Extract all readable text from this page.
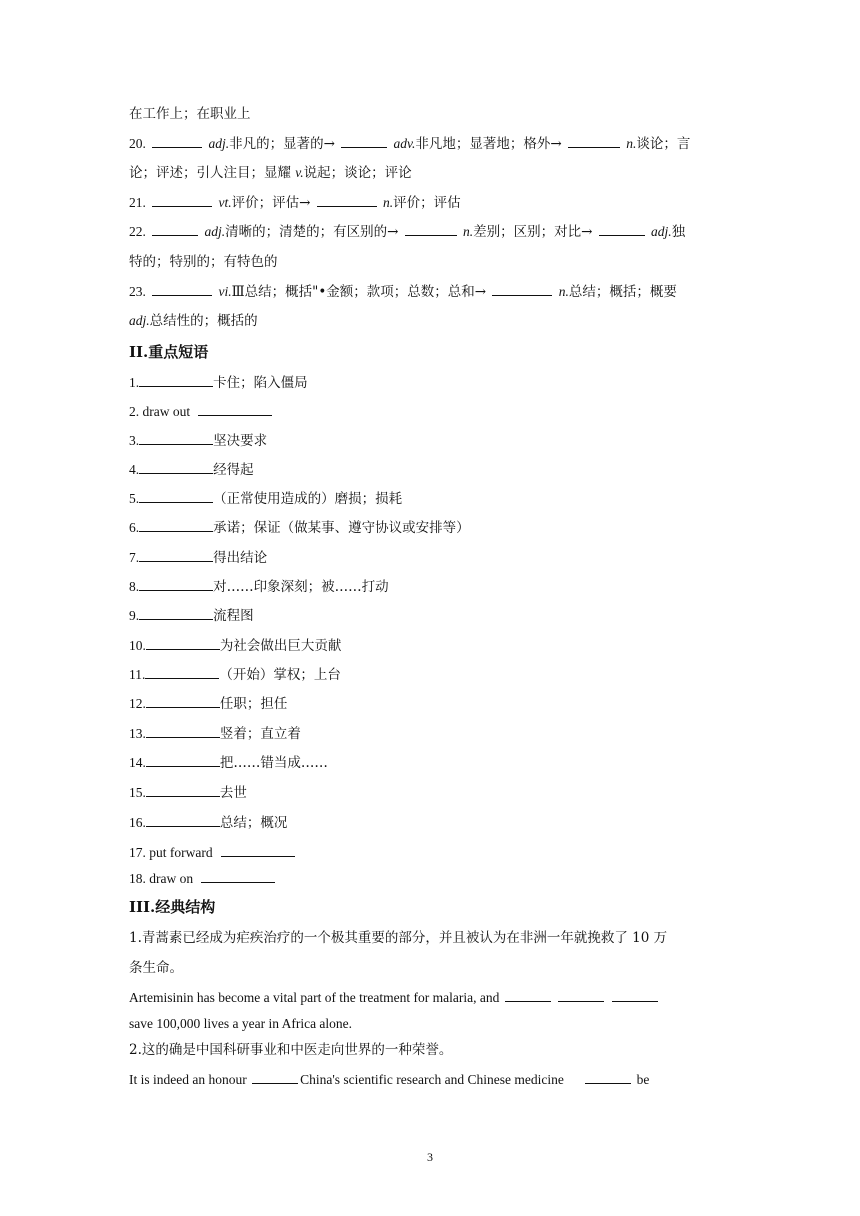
在工作上；在职业上
20.	adj.非凡的；显著的→	adv.非凡地；显著地；格外→	n.谈论；言
论；评述；引人注目；显耀 v.说起；谈论；评论
21.	vt.评价；评估→	n.评价；评估
22.	adj.清晰的；清楚的；有区别的→	n.差别；区别；对比→	adj.独
特的；特别的；有特色的
23.	vi.Ⅲ总结；概括"•金额；款项；总数；总和→	n.总结；概括；概要
adj.总结性的；概括的
II.重点短语
1.	卡住；陷入僵局
2. draw out
3.	坚决要求
4.	经得起
5.	（正常使用造成的）磨损；损耗
6.	承诺；保证（做某事、遵守协议或安排等）
7.	得出结论
8.	对……印象深刻；被……打动
9.	流程图
10.	为社会做出巨大贡献
11.	（开始）掌权；上台
12.	任职；担任
13.	竖着；直立着
14.	把……错当成……
15.	去世
16.	总结；概况
17. put forward
18. draw on
III.经典结构
1.青蒿素已经成为疟疾治疗的一个极其重要的部分，并且被认为在非洲一年就挽救了 10 万
条生命。
Artemisinin has become a vital part of the treatment for malaria, and
save 100,000 lives a year in Africa alone.
2.这的确是中国科研事业和中医走向世界的一种荣誉。
It is indeed an honour	China's scientific research and Chinese medicine	be
3
